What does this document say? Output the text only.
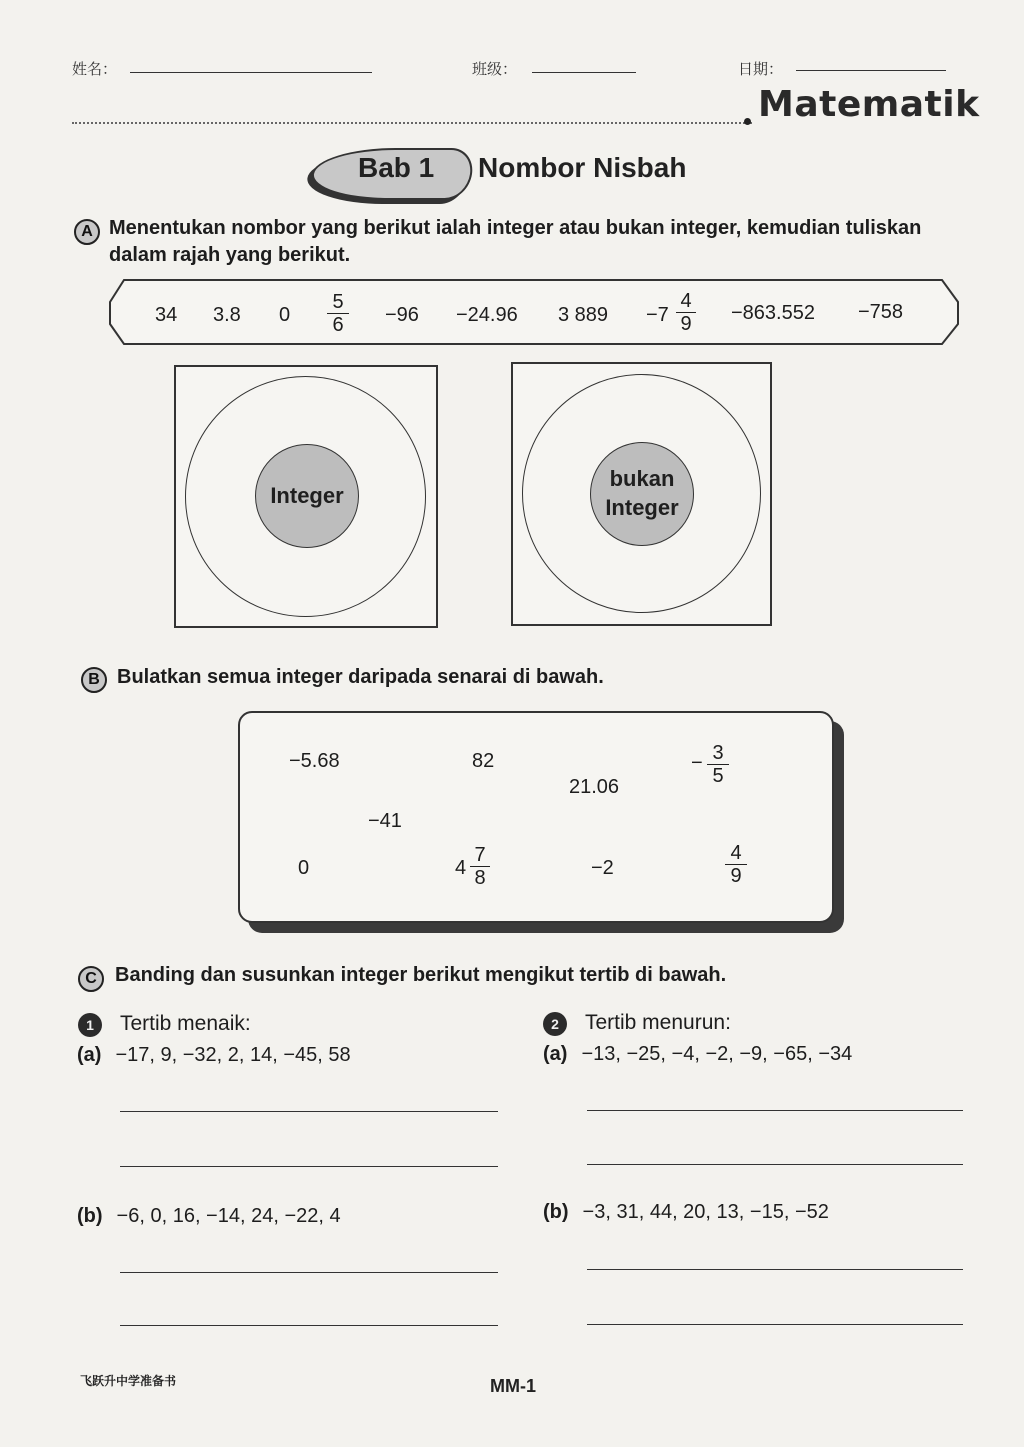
姓名：	班级：	日期：
Matematik
Bab 1 Nombor Nisbah
A Menentukan nombor yang berikut ialah integer atau bukan integer, kemudian tuliskan dalam rajah yang berikut.
34 3.8 0
5
6 −96 −24.96 3 889 −7
4
9 −863.552 −758
Integer
bukan
Integer
B Bulatkan semua integer daripada senarai di bawah.
−5.68	82
21.06
− 3
5
−41
0	4
7
8	−2
4
9
C Banding dan susunkan integer berikut mengikut tertib di bawah.
1	Tertib menaik:
(a) −17, 9, −32, 2, 14, −45, 58
(b) −6, 0, 16, −14, 24, −22, 4
2	Tertib menurun:
(a) −13, −25, −4, −2, −9, −65, −34
(b) −3, 31, 44, 20, 13, −15, −52
飞跃升中学准备书	MM-1
